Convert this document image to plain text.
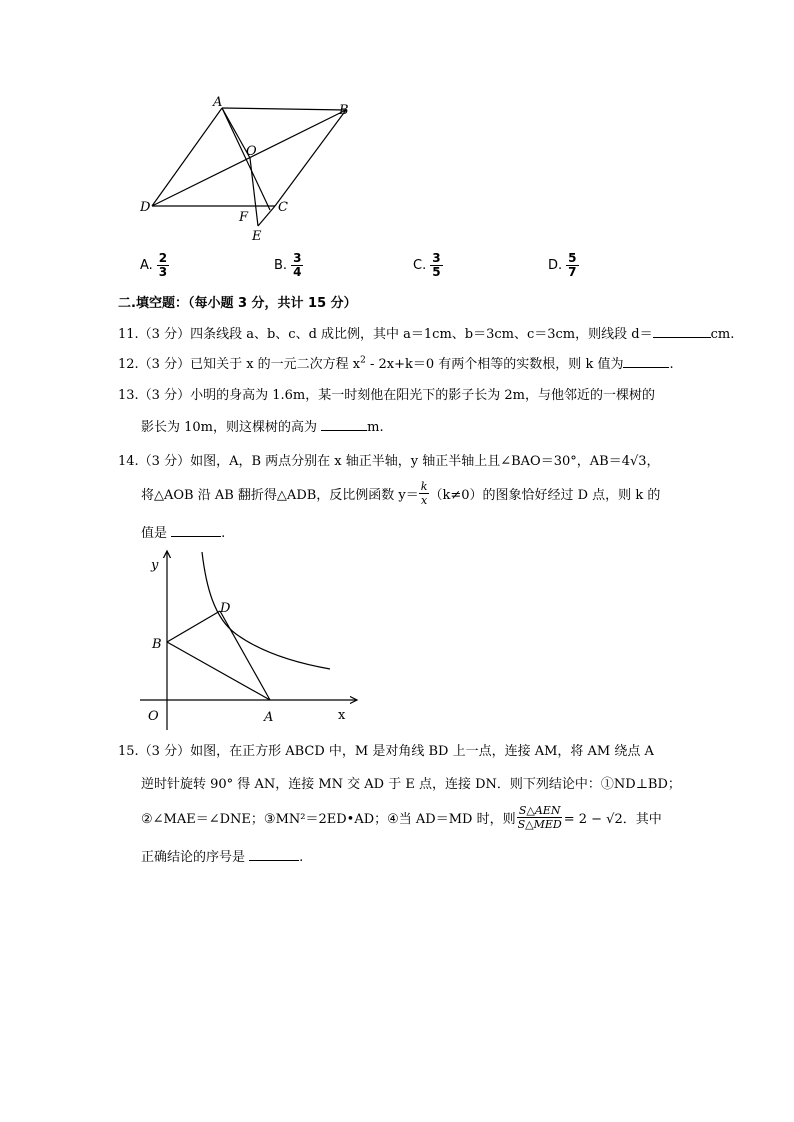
A
B
O
D
F
C
E
A. $\frac{2}{3}$	B. $\frac{3}{4}$	C. $\frac{3}{5}$	D. $\frac{5}{7}$
二.填空题：（每小题 3 分，共计 15 分）
11.（3 分）四条线段 a、b、c、d 成比例，其中 a＝1cm、b＝3cm、c＝3cm，则线段 d＝	cm.
12.（3 分）已知关于 x 的一元二次方程 $x^2 - 2x+k=0$ 有两个相等的实数根，则 k 值为	.
13.（3 分）小明的身高为 1.6m，某一时刻他在阳光下的影子长为 2m，与他邻近的一棵树的
影长为 10m，则这棵树的高为	m.
14.（3 分）如图，A，B 两点分别在 x 轴正半轴，y 轴正半轴上且∠BAO＝30°，AB＝4√3，
将△AOB 沿 AB 翻折得△ADB，反比例函数 $y= \frac{k}{x} (k\ne 0)$的图象恰好经过 D 点，则 k 的
值是	.
y
D
B
O	A	x
15.（3 分）如图，在正方形 ABCD 中，M 是对角线 BD 上一点，连接 AM，将 AM 绕点 A
逆时针旋转 90° 得 AN，连接 MN 交 AD 于 E 点，连接 DN．则下列结论中：①ND⊥BD；
②∠MAE＝∠DNE；③MN²＝2ED•AD；④当 AD＝MD 时，则 $\frac{\text{S△AEN}}{\text{S△MED}} = 2 - √2$．其中
正确结论的序号是	.
